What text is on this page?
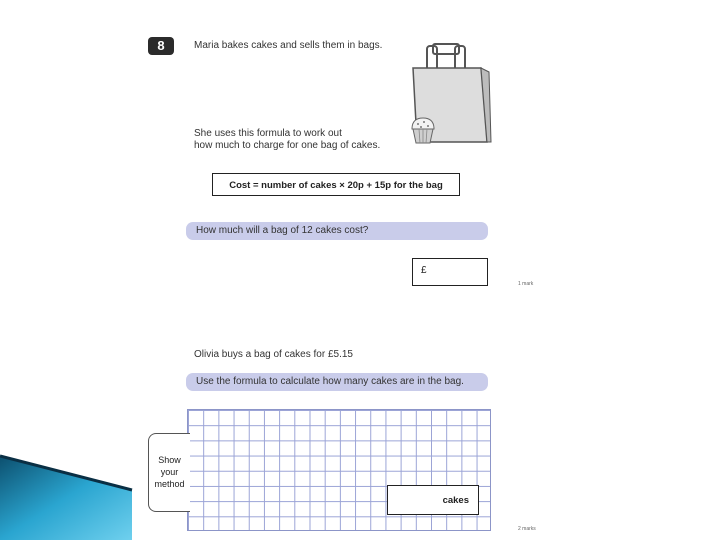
8	Maria bakes cakes and sells them in bags.
She uses this formula to work out
how much to charge for one bag of cakes.
Cost = number of cakes × 20p + 15p for the bag
How much will a bag of 12 cakes cost?
£
1 mark
Olivia buys a bag of cakes for £5.15
Use the formula to calculate how many cakes are in the bag.
Show
your
method
cakes
2 marks
